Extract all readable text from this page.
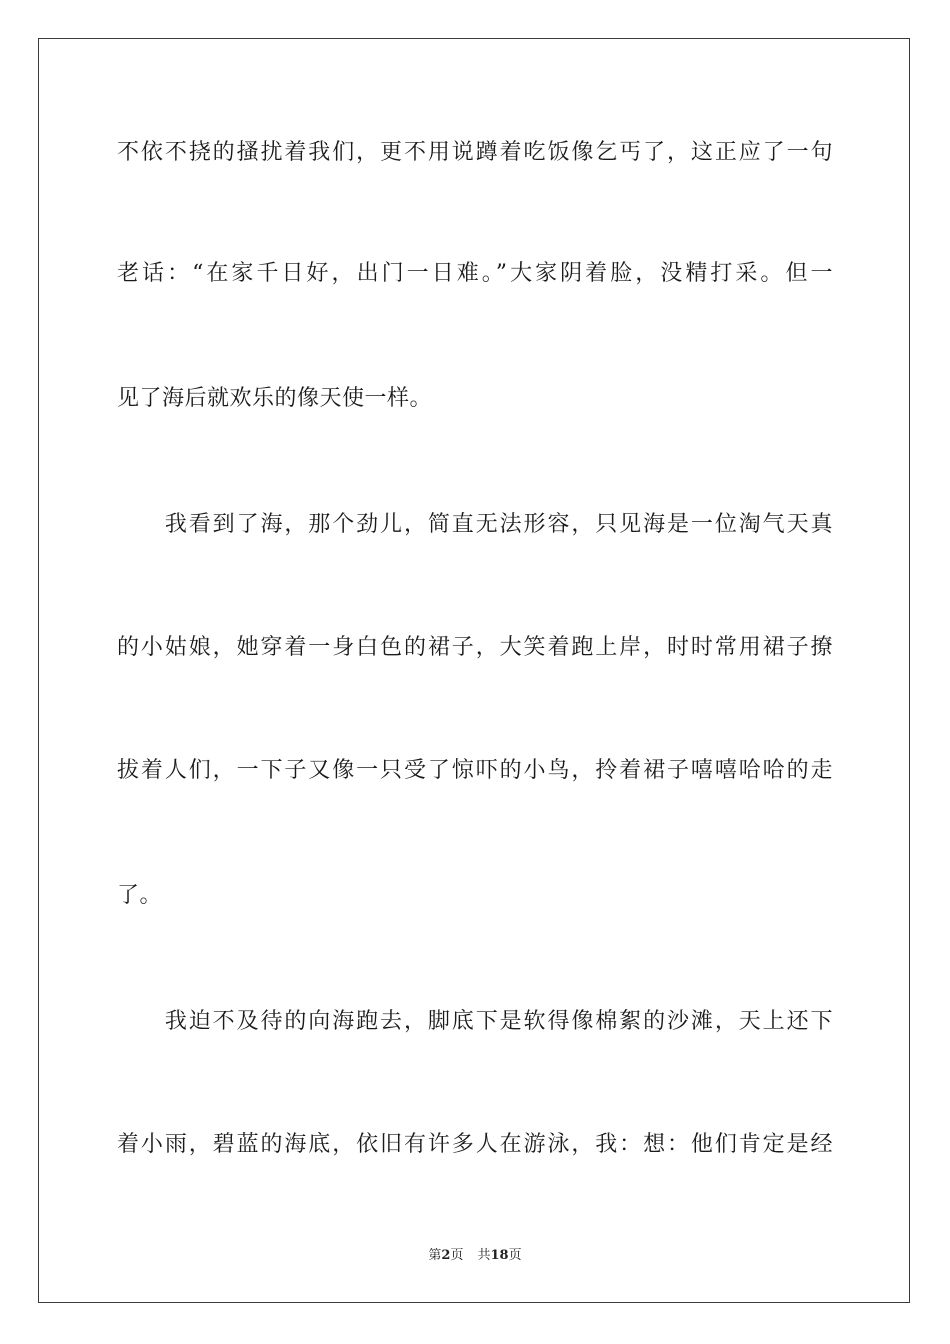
不依不挠的搔扰着我们，更不用说蹲着吃饭像乞丐了，这正应了一句
老话：“在家千日好，出门一日难。”大家阴着脸，没精打采。但一
见了海后就欢乐的像天使一样。
　　我看到了海，那个劲儿，简直无法形容，只见海是一位淘气天真
的小姑娘，她穿着一身白色的裙子，大笑着跑上岸，时时常用裙子撩
拔着人们，一下子又像一只受了惊吓的小鸟，拎着裙子嘻嘻哈哈的走
了。
　　我迫不及待的向海跑去，脚底下是软得像棉絮的沙滩，天上还下
着小雨，碧蓝的海底，依旧有许多人在游泳，我：想：他们肯定是经
第2页 共18页
